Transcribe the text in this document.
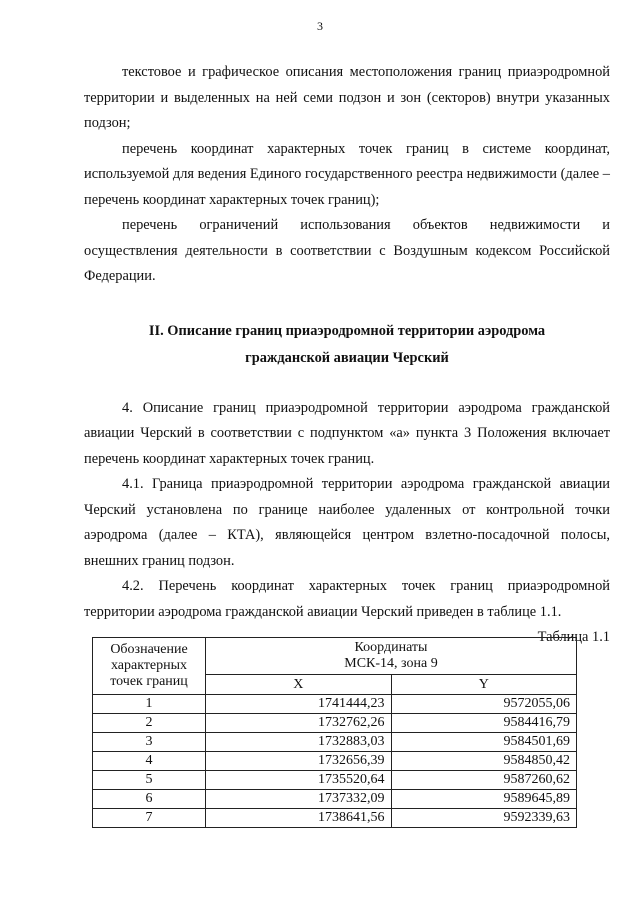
3

текстовое и графическое описания местоположения границ приаэродромной территории и выделенных на ней семи подзон и зон (секторов) внутри указанных подзон;

перечень координат характерных точек границ в системе координат, используемой для ведения Единого государственного реестра недвижимости (далее – перечень координат характерных точек границ);

перечень ограничений использования объектов недвижимости и осуществления деятельности в соответствии с Воздушным кодексом Российской Федерации.

II. Описание границ приаэродромной территории аэродрома

гражданской авиации Черский

4. Описание границ приаэродромной территории аэродрома гражданской авиации Черский в соответствии с подпунктом «а» пункта 3 Положения включает перечень координат характерных точек границ.

4.1. Граница приаэродромной территории аэродрома гражданской авиации Черский установлена по границе наиболее удаленных от контрольной точки аэродрома (далее – КТА), являющейся центром взлетно-посадочной полосы, внешних границ подзон.

4.2. Перечень координат характерных точек границ приаэродромной территории аэродрома гражданской авиации Черский приведен в таблице 1.1.

Таблица 1.1

Обозначение характерных точек границ	Координаты
МСК-14, зона 9	

	X	Y
1	1741444,23	9572055,06
2	1732762,26	9584416,79
3	1732883,03	9584501,69
4	1732656,39	9584850,42
5	1735520,64	9587260,62
6	1737332,09	9589645,89
7	1738641,56	9592339,63
